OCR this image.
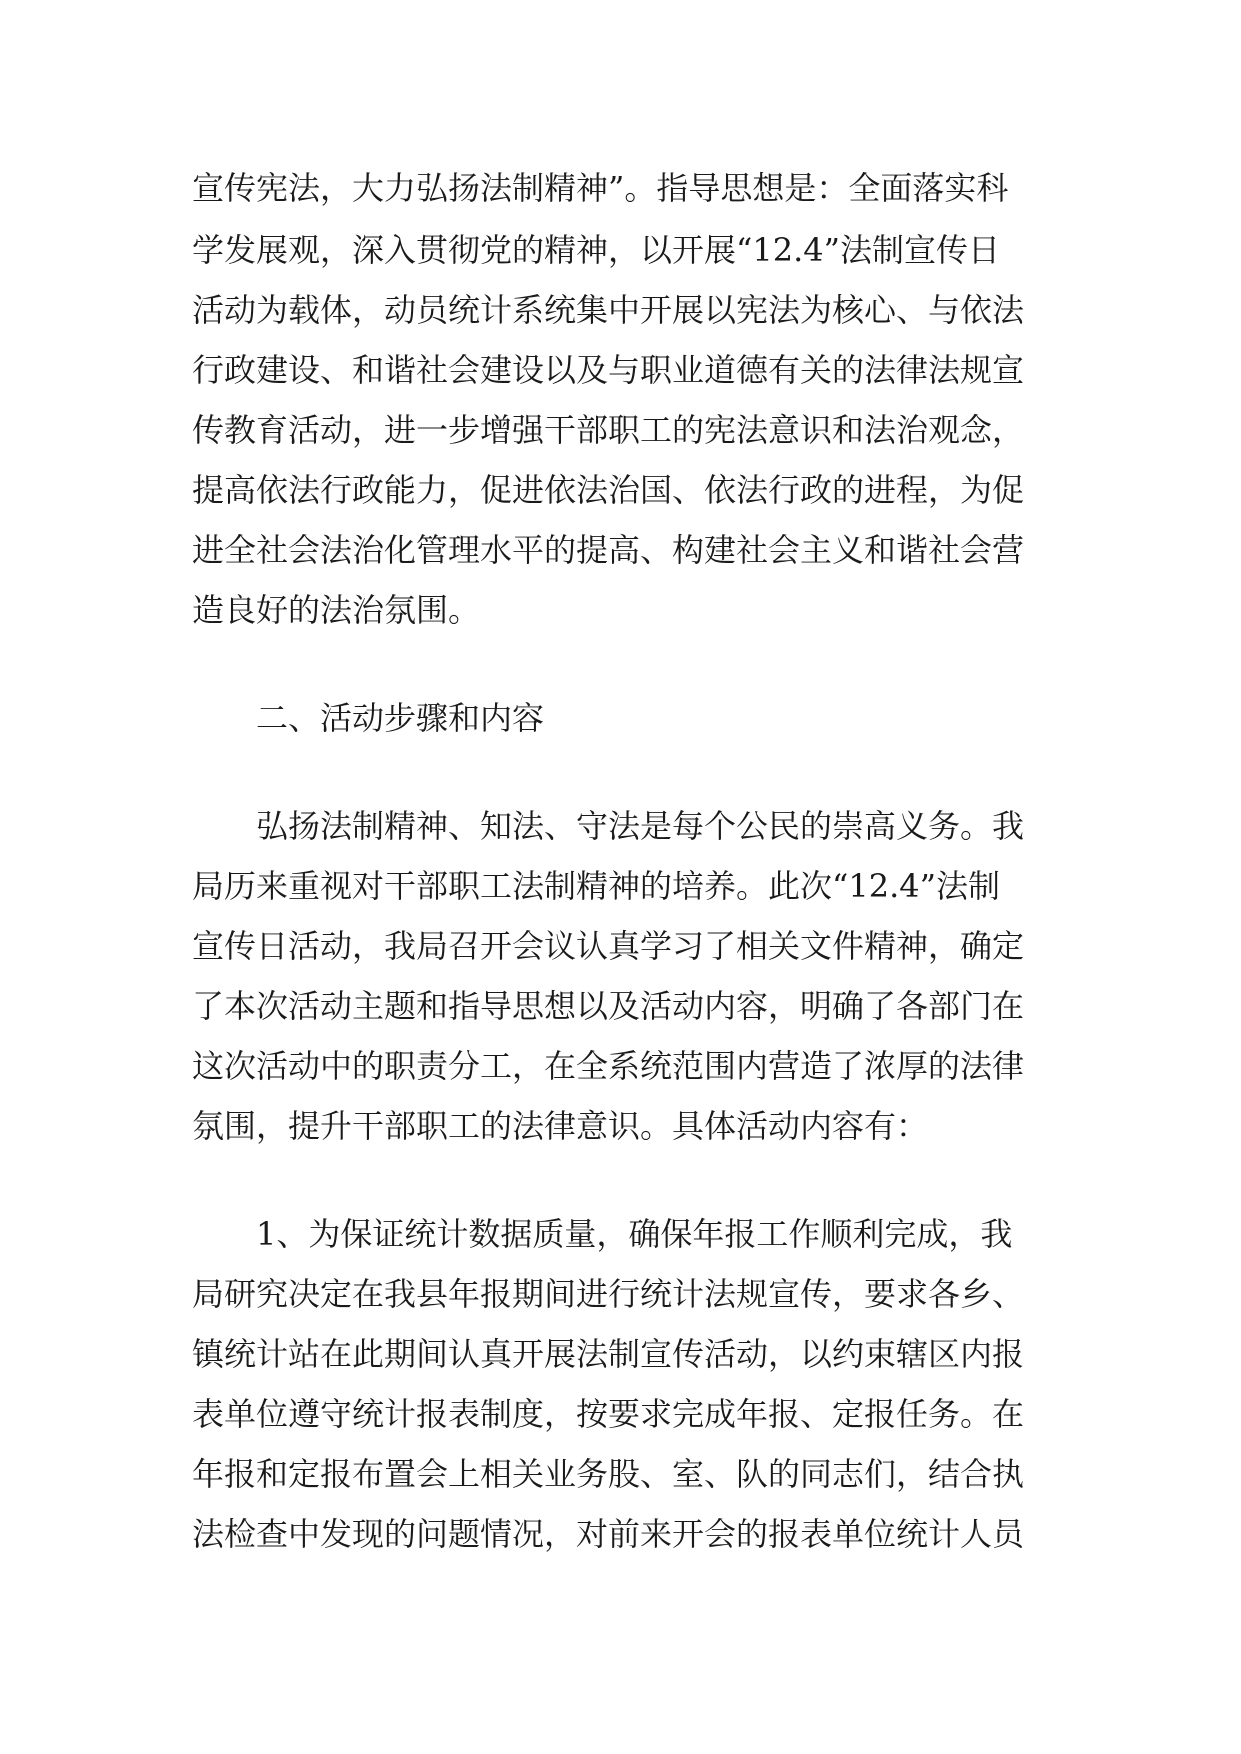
宣传宪法，大力弘扬法制精神”。指导思想是：全面落实科
学发展观，深入贯彻党的精神，以开展“12.4”法制宣传日
活动为载体，动员统计系统集中开展以宪法为核心、与依法
行政建设、和谐社会建设以及与职业道德有关的法律法规宣
传教育活动，进一步增强干部职工的宪法意识和法治观念，
提高依法行政能力，促进依法治国、依法行政的进程，为促
进全社会法治化管理水平的提高、构建社会主义和谐社会营
造良好的法治氛围。
二、活动步骤和内容
弘扬法制精神、知法、守法是每个公民的崇高义务。我
局历来重视对干部职工法制精神的培养。此次“12.4”法制
宣传日活动，我局召开会议认真学习了相关文件精神，确定
了本次活动主题和指导思想以及活动内容，明确了各部门在
这次活动中的职责分工，在全系统范围内营造了浓厚的法律
氛围，提升干部职工的法律意识。具体活动内容有：
1、为保证统计数据质量，确保年报工作顺利完成，我
局研究决定在我县年报期间进行统计法规宣传，要求各乡、
镇统计站在此期间认真开展法制宣传活动，以约束辖区内报
表单位遵守统计报表制度，按要求完成年报、定报任务。在
年报和定报布置会上相关业务股、室、队的同志们，结合执
法检查中发现的问题情况，对前来开会的报表单位统计人员
